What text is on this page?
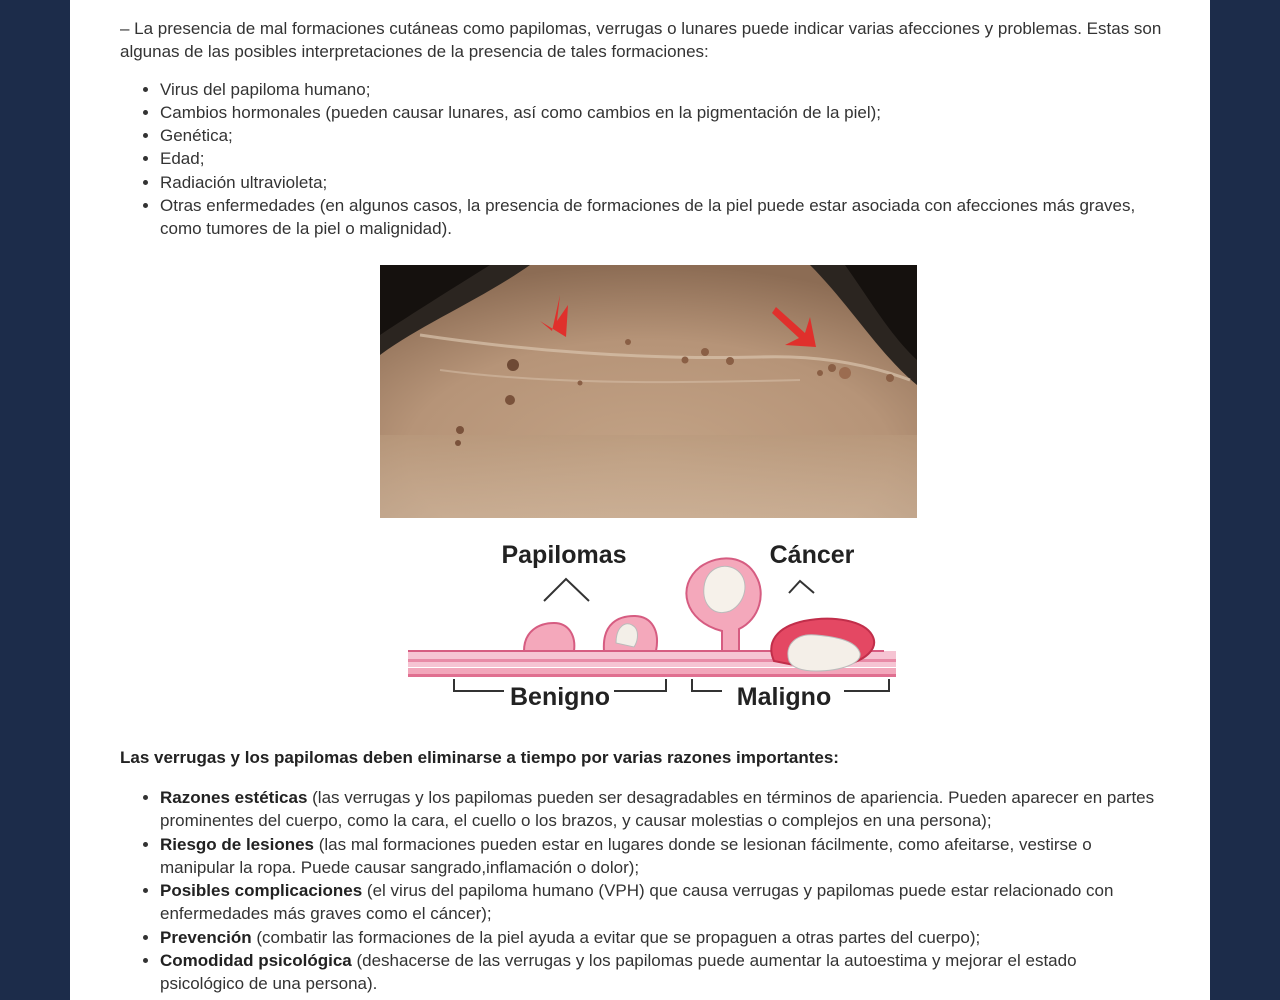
– La presencia de mal formaciones cutáneas como papilomas, verrugas o lunares puede indicar varias afecciones y problemas. Estas son algunas de las posibles interpretaciones de la presencia de tales formaciones:

• Virus del papiloma humano;
• Cambios hormonales (pueden causar lunares, así como cambios en la pigmentación de la piel);
• Genética;
• Edad;
• Radiación ultravioleta;
• Otras enfermedades (en algunos casos, la presencia de formaciones de la piel puede estar asociada con afecciones más graves, como tumores de la piel o malignidad).
Papilomas	Cáncer
Benigno	Maligno

Las verrugas y los papilomas deben eliminarse a tiempo por varias razones importantes:

• Razones estéticas (las verrugas y los papilomas pueden ser desagradables en términos de apariencia. Pueden aparecer en partes prominentes del cuerpo, como la cara, el cuello o los brazos, y causar molestias o complejos en una persona);
• Riesgo de lesiones (las mal formaciones pueden estar en lugares donde se lesionan fácilmente, como afeitarse, vestirse o manipular la ropa. Puede causar sangrado,inflamación o dolor);
• Posibles complicaciones (el virus del papiloma humano (VPH) que causa verrugas y papilomas puede estar relacionado con enfermedades más graves como el cáncer);
• Prevención (combatir las formaciones de la piel ayuda a evitar que se propaguen a otras partes del cuerpo);
• Comodidad psicológica (deshacerse de las verrugas y los papilomas puede aumentar la autoestima y mejorar el estado psicológico de una persona).
